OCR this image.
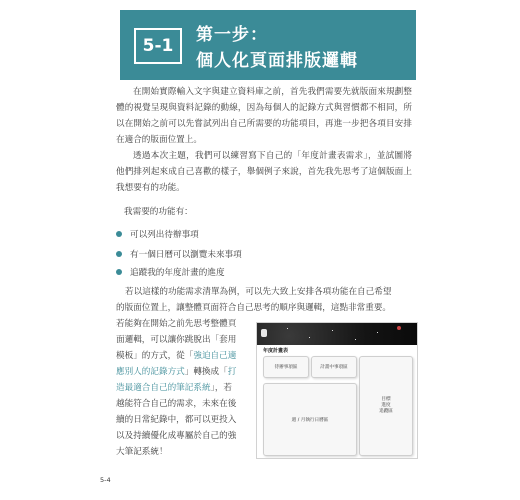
5-1
第一步：
個人化頁面排版邏輯

在開始實際輸入文字與建立資料庫之前，首先我們需要先就版面來規劃整體的視覺呈現與資料記錄的動線，因為每個人的記錄方式與習慣都不相同，所以在開始之前可以先嘗試列出自己所需要的功能項目，再進一步把各項目安排在適合的版面位置上。

透過本次主題，我們可以練習寫下自己的「年度計畫表需求」，並試圖將他們排列起來成自己喜歡的樣子，舉個例子來說，首先我先思考了這個版面上我想要有的功能。

我需要的功能有：
可以列出待辦事項
有一個日曆可以瀏覽未來事項
追蹤我的年度計畫的進度
若以這樣的功能需求清單為例，可以先大致上安排各項功能在自己希望
的版面位置上，讓整體頁面符合自己思考的順序與邏輯，這點非常重要。
若能夠在開始之前先思考整體頁
面邏輯，可以讓你跳脫出「套用
模板」的方式，從「強迫自己適
應別人的記錄方式」轉換成「打
造最適合自己的筆記系統」，若
越能符合自己的需求，未來在後
續的日常紀錄中，都可以更投入
以及持續優化成專屬於自己的強
大筆記系統！
年度計畫表
待辦事項區	計畫中事項區
目標
進度
追蹤區
週 / 月執行日曆區
5-4
